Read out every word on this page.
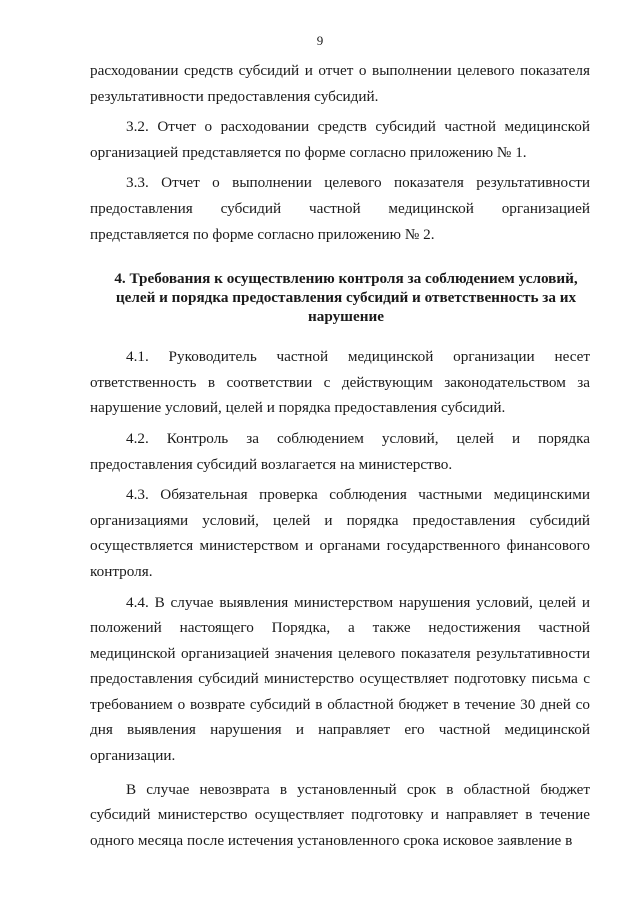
9

расходовании средств субсидий и отчет о выполнении целевого показателя результативности предоставления субсидий.

3.2. Отчет о расходовании средств субсидий частной медицинской организацией представляется по форме согласно приложению № 1.

3.3. Отчет о выполнении целевого показателя результативности предоставления субсидий частной медицинской организацией представляется по форме согласно приложению № 2.

4. Требования к осуществлению контроля за соблюдением условий, целей и порядка предоставления субсидий и ответственность за их нарушение

4.1. Руководитель частной медицинской организации несет ответственность в соответствии с действующим законодательством за нарушение условий, целей и порядка предоставления субсидий.

4.2. Контроль за соблюдением условий, целей и порядка предоставления субсидий возлагается на министерство.

4.3. Обязательная проверка соблюдения частными медицинскими организациями условий, целей и порядка предоставления субсидий осуществляется министерством и органами государственного финансового контроля.

4.4. В случае выявления министерством нарушения условий, целей и положений настоящего Порядка, а также недостижения частной медицинской организацией значения целевого показателя результативности предоставления субсидий министерство осуществляет подготовку письма с требованием о возврате субсидий в областной бюджет в течение 30 дней со дня выявления нарушения и направляет его частной медицинской организации.

В случае невозврата в установленный срок в областной бюджет субсидий министерство осуществляет подготовку и направляет в течение одного месяца после истечения установленного срока исковое заявление в
